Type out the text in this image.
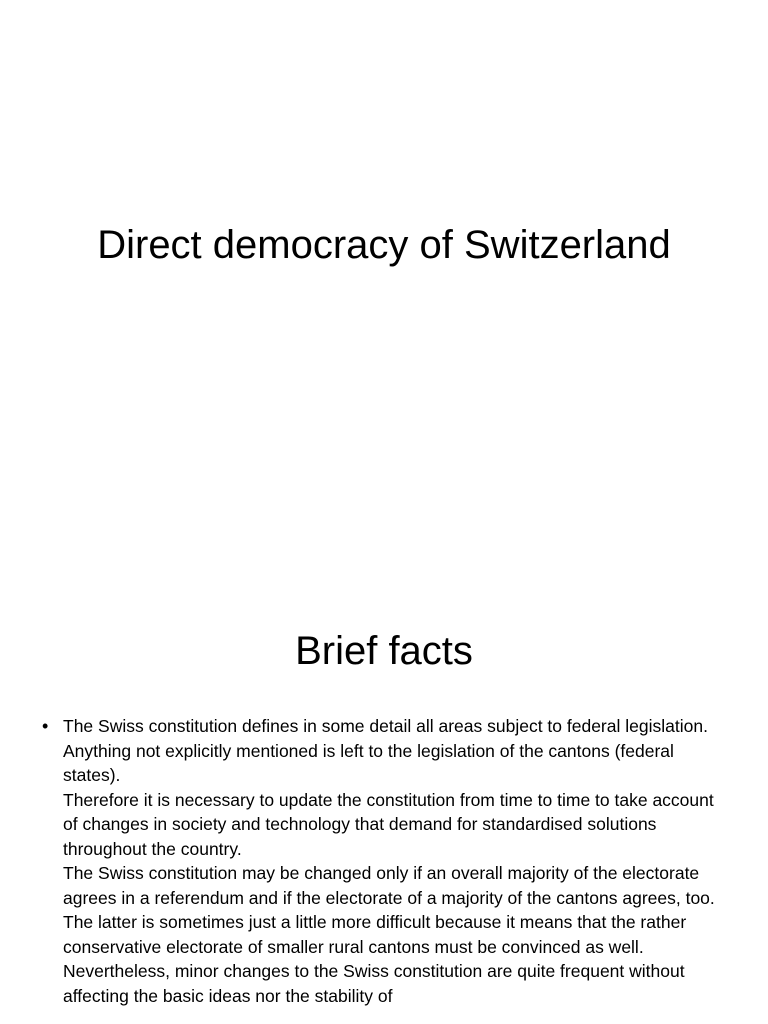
Direct democracy of Switzerland
Brief facts
• The Swiss constitution defines in some detail all areas subject to federal legislation. Anything not explicitly mentioned is left to the legislation of the cantons (federal states).

Therefore it is necessary to update the constitution from time to time to take account of changes in society and technology that demand for standardised solutions throughout the country.

The Swiss constitution may be changed only if an overall majority of the electorate agrees in a referendum and if the electorate of a majority of the cantons agrees, too. The latter is sometimes just a little more difficult because it means that the rather conservative electorate of smaller rural cantons must be convinced as well.

Nevertheless, minor changes to the Swiss constitution are quite frequent without affecting the basic ideas nor the stability of
